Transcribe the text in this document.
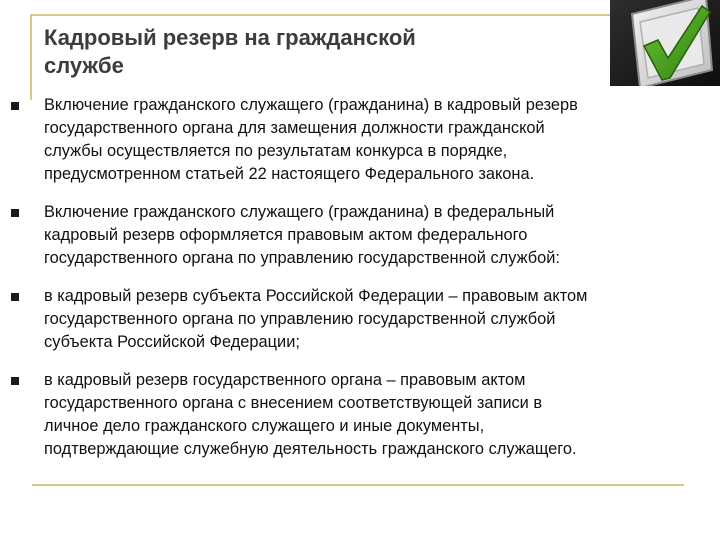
Кадровый резерв на гражданской
службе
Включение гражданского служащего (гражданина) в кадровый резерв
государственного органа для замещения должности гражданской
службы осуществляется по результатам конкурса в порядке,
предусмотренном статьей 22 настоящего Федерального закона.
Включение гражданского служащего (гражданина) в федеральный
кадровый резерв оформляется правовым актом федерального
государственного органа по управлению государственной службой:
в кадровый резерв субъекта Российской Федерации – правовым актом
государственного органа по управлению государственной службой
субъекта Российской Федерации;
в кадровый резерв государственного органа – правовым актом
государственного органа с внесением соответствующей записи в
личное дело гражданского служащего и иные документы,
подтверждающие служебную деятельность гражданского служащего.
